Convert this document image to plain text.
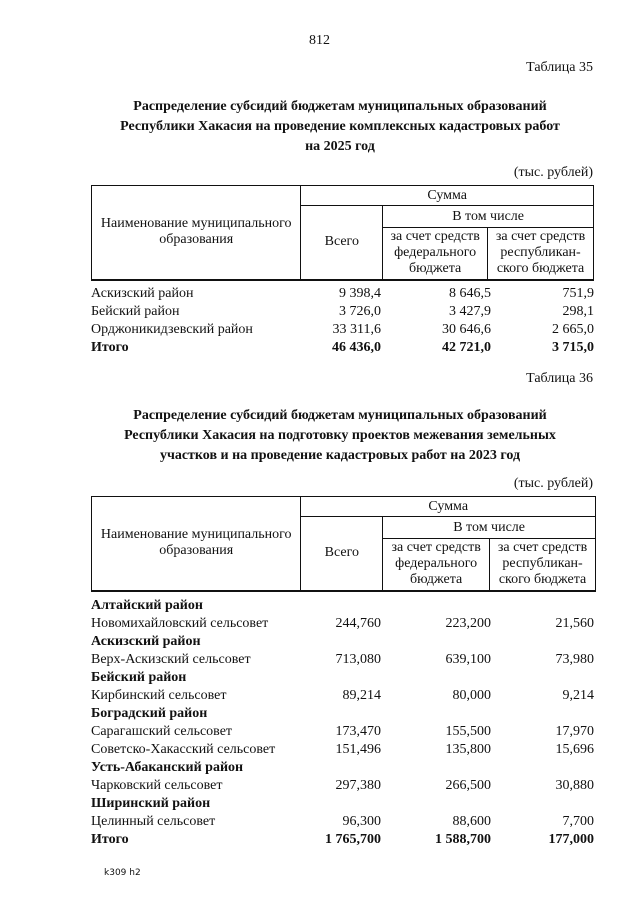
812
Таблица 35
Распределение субсидий бюджетам муниципальных образований
Республики Хакасия на проведение комплексных кадастровых работ
на 2025 год
(тыс. рублей)
Наименование муниципального образования	Сумма		
	Всего	В том числе	
		за счет средств федерального бюджета	за счет средств республикан-ского бюджета
Аскизский район	9 398,4	8 646,5	751,9
Бейский район	3 726,0	3 427,9	298,1
Орджоникидзевский район	33 311,6	30 646,6	2 665,0
Итого	46 436,0	42 721,0	3 715,0
Таблица 36
Распределение субсидий бюджетам муниципальных образований
Республики Хакасия на подготовку проектов межевания земельных
участков и на проведение кадастровых работ на 2023 год
(тыс. рублей)
Наименование муниципального образования	Сумма		
	Всего	В том числе	
		за счет средств федерального бюджета	за счет средств республикан-ского бюджета
Алтайский район
Новомихайловский сельсовет	244,760	223,200	21,560
Аскизский район
Верх-Аскизский сельсовет	713,080	639,100	73,980
Бейский район
Кирбинский сельсовет	89,214	80,000	9,214
Боградский район
Сарагашский сельсовет	173,470	155,500	17,970
Советско-Хакасский сельсовет	151,496	135,800	15,696
Усть-Абаканский район
Чарковский сельсовет	297,380	266,500	30,880
Ширинский район
Целинный сельсовет	96,300	88,600	7,700
Итого	1 765,700	1 588,700	177,000
k309 h2
